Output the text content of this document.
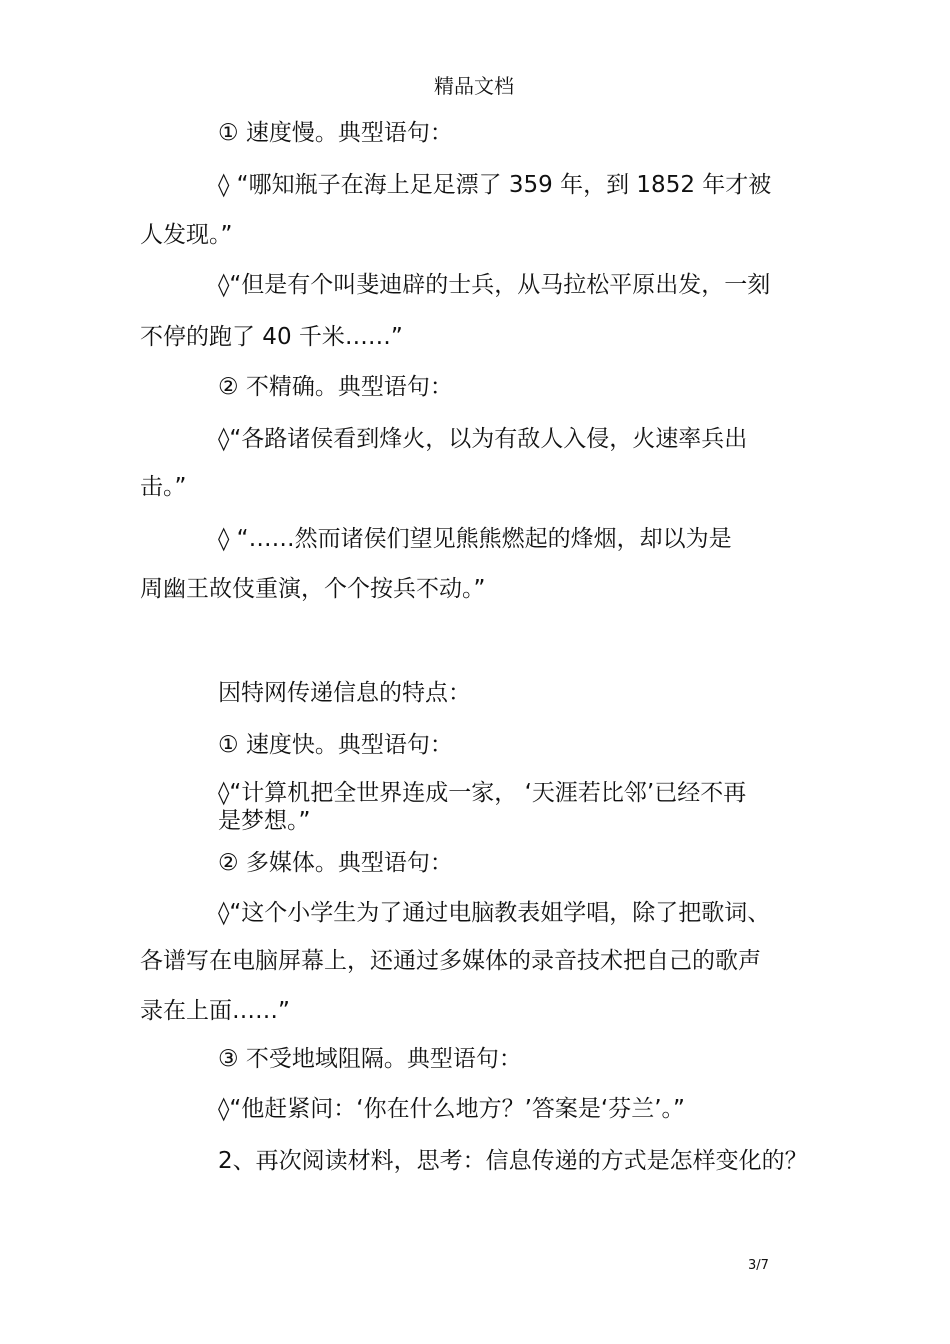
精品文档
① 速度慢。典型语句：
◊ “哪知瓶子在海上足足漂了 359 年，到 1852 年才被
人发现。”
◊“但是有个叫斐迪辟的士兵，从马拉松平原出发，一刻
不停的跑了 40 千米……”
② 不精确。典型语句：
◊“各路诸侯看到烽火，以为有敌人入侵，火速率兵出
击。”
◊ “……然而诸侯们望见熊熊燃起的烽烟，却以为是
周幽王故伎重演，个个按兵不动。”
因特网传递信息的特点：
① 速度快。典型语句：
◊“计算机把全世界连成一家， ‘天涯若比邻’已经不再
是梦想。”
② 多媒体。典型语句：
◊“这个小学生为了通过电脑教表姐学唱，除了把歌词、
各谱写在电脑屏幕上，还通过多媒体的录音技术把自己的歌声
录在上面……”
③ 不受地域阻隔。典型语句：
◊“他赶紧问：‘你在什么地方？’答案是‘芬兰’。”
2、再次阅读材料，思考：信息传递的方式是怎样变化的？
3/7
